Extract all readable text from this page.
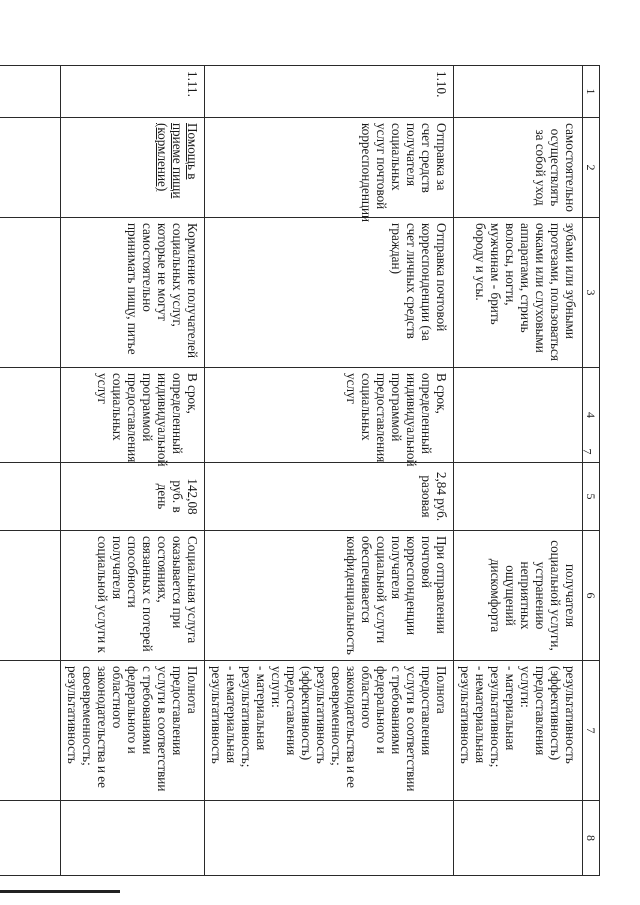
1	2	3	4	5	6	7	8
	самостоятельно осуществлять за собой уход	зубами или зубными протезами, пользоваться очками или слуховыми аппаратами, стричь волосы, ногти, мужчинам - брить бороду и усы.			получателя социальной услуги, устранению неприятных ощущений дискомфорта	результативность (эффективность) предоставления услуги:
- материальная результативность;
- нематериальная результативность	
1.10.	Отправка за счет средств получателя социальных услуг почтовой корреспонденции	Отправка почтовой корреспонденции (за счет личных средств граждан)	В срок, определенный индивидуальной программой предоставления социальных услуг	2,84 руб. разовая	При отправлении почтовой корреспонденции получателя социальной услуги обеспечивается конфиденциальность	Полнота предоставления услуги в соответствии с требованиями федерального и областного законодательства и ее своевременность; результативность (эффективность) предоставления услуги:
- материальная результативность;
- нематериальная результативность	
1.11.	Помощь в приеме пищи (кормление)	Кормление получателей социальных услуг, которые не могут самостоятельно принимать пищу, питье	В срок, определенный индивидуальной программой предоставления социальных услуг	142,08 руб. в день	Социальная услуга оказывается при состояниях, связанных с потерей способности получателя социальной услуги к	Полнота предоставления услуги в соответствии с требованиями федерального и областного законодательства и ее своевременность; результативность	

7
